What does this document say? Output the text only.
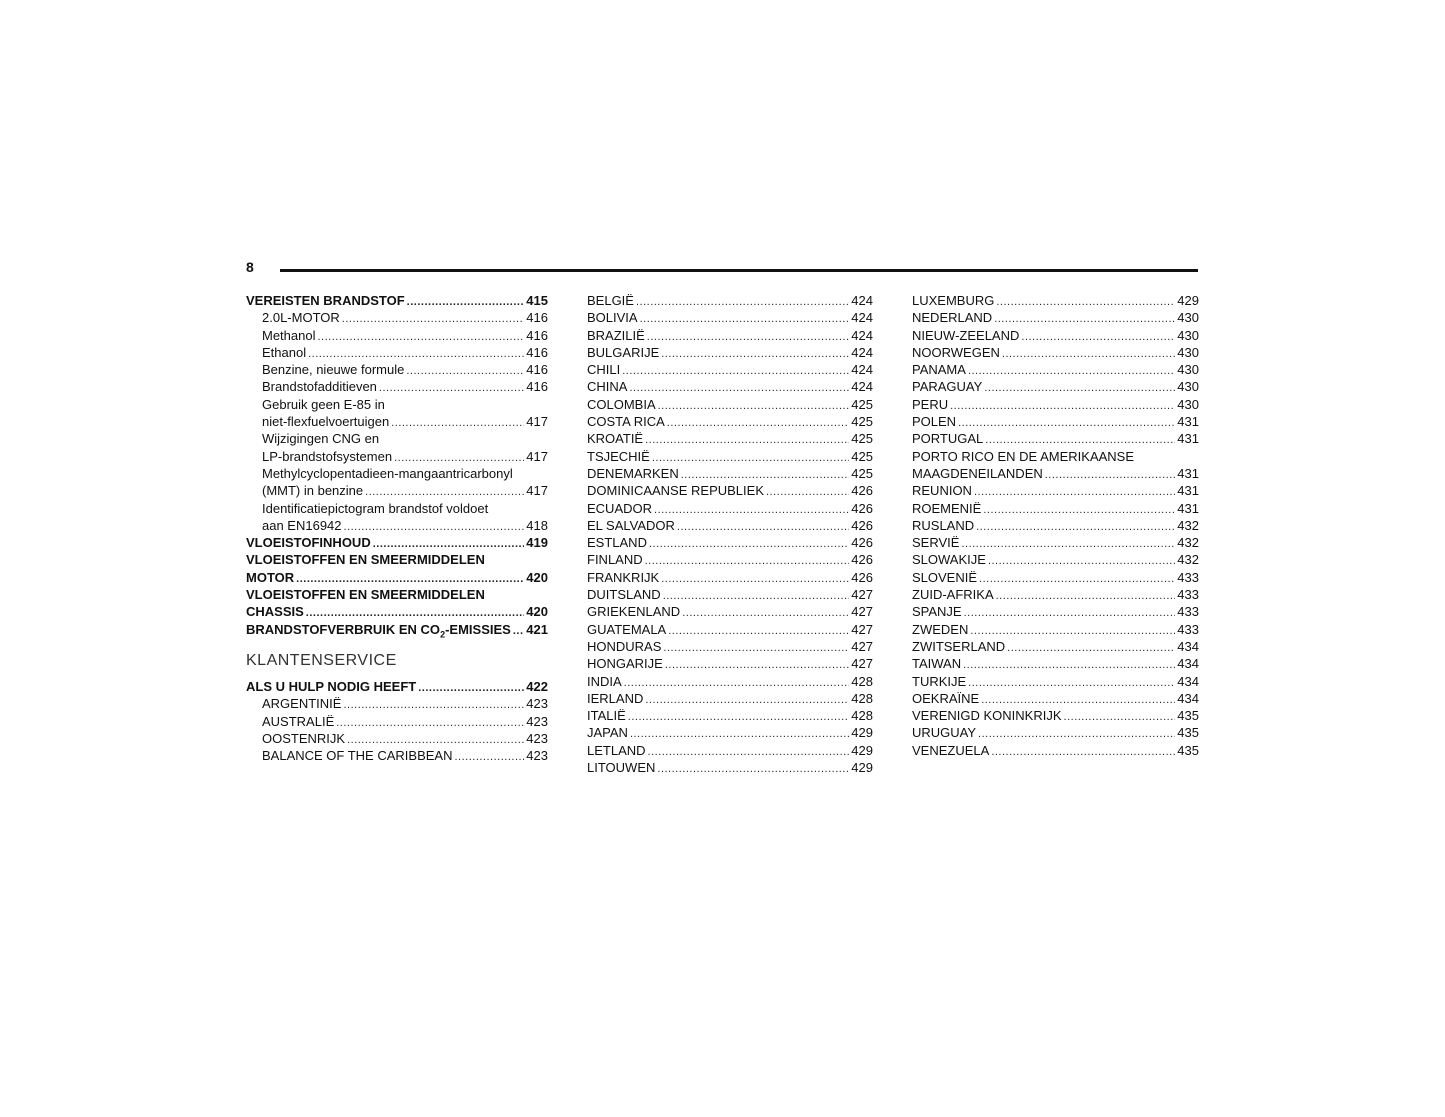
8
VEREISTEN BRANDSTOF .....	415
2.0L-MOTOR .....	416
Methanol .....	416
Ethanol .....	416
Benzine, nieuwe formule .....	416
Brandstofadditieven .....	416
Gebruik geen E-85 in
niet-flexfuelvoertuigen .....	417
Wijzigingen CNG en
LP-brandstofsystemen .....	417
Methylcyclopentadieen-mangaantricarbonyl
(MMT) in benzine .....	417
Identificatiepictogram brandstof voldoet
aan EN16942 .....	418
VLOEISTOFINHOUD .....	419
VLOEISTOFFEN EN SMEERMIDDELEN
MOTOR .....	420
VLOEISTOFFEN EN SMEERMIDDELEN
CHASSIS .....	420
BRANDSTOFVERBRUIK EN $CO_2$-EMISSIES ..... 421
KLANTENSERVICE
ALS U HULP NODIG HEEFT .....	422
ARGENTINIË .....	423
AUSTRALIË .....	423
OOSTENRIJK .....	423
BALANCE OF THE CARIBBEAN .....	423
BELGIË .....	424
BOLIVIA .....	424
BRAZILIË .....	424
BULGARIJE .....	424
CHILI .....	424
CHINA .....	424
COLOMBIA .....	425
COSTA RICA .....	425
KROATIË .....	425
TSJECHIË .....	425
DENEMARKEN .....	425
DOMINICAANSE REPUBLIEK .....	426
ECUADOR .....	426
EL SALVADOR .....	426
ESTLAND .....	426
FINLAND .....	426
FRANKRIJK .....	426
DUITSLAND .....	427
GRIEKENLAND .....	427
GUATEMALA .....	427
HONDURAS .....	427
HONGARIJE .....	427
INDIA .....	428
IERLAND .....	428
ITALIË .....	428
JAPAN .....	429
LETLAND .....	429
LITOUWEN .....	429
LUXEMBURG .....	429
NEDERLAND .....	430
NIEUW-ZEELAND .....	430
NOORWEGEN .....	430
PANAMA .....	430
PARAGUAY .....	430
PERU .....	430
POLEN .....	431
PORTUGAL .....	431
PORTO RICO EN DE AMERIKAANSE
MAAGDENEILANDEN .....	431
REUNION .....	431
ROEMENIË .....	431
RUSLAND .....	432
SERVIË .....	432
SLOWAKIJE .....	432
SLOVENIË .....	433
ZUID-AFRIKA .....	433
SPANJE .....	433
ZWEDEN .....	433
ZWITSERLAND .....	434
TAIWAN .....	434
TURKIJE .....	434
OEKRAÏNE .....	434
VERENIGD KONINKRIJK .....	435
URUGUAY .....	435
VENEZUELA .....	435
